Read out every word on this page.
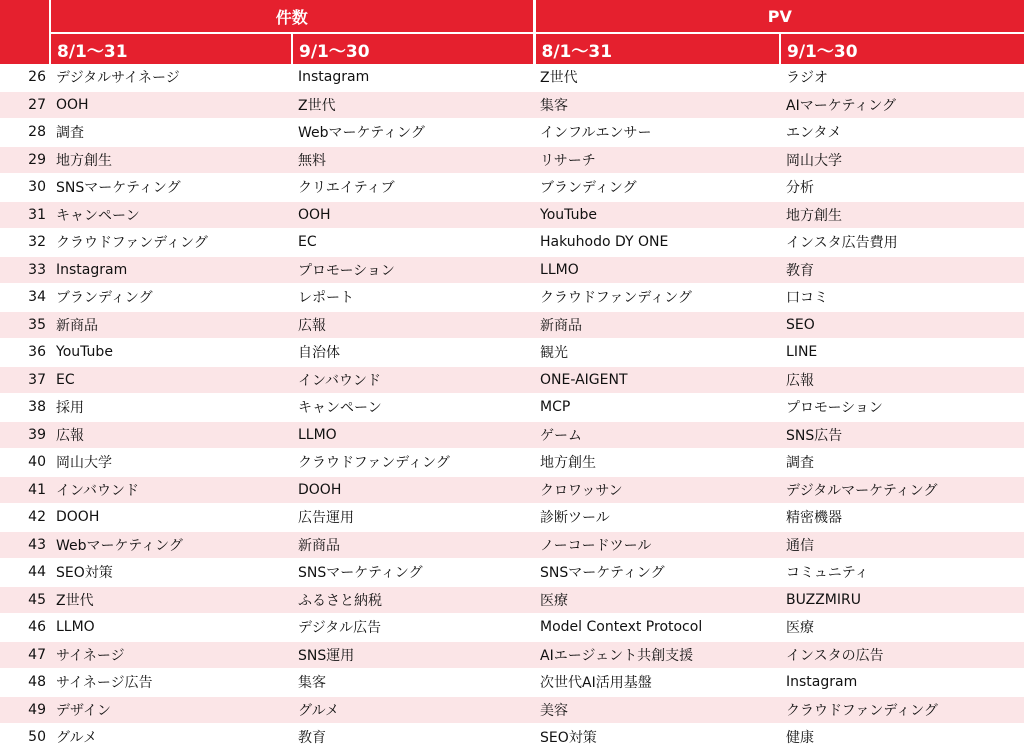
	件数		PV	
	8/1～31	9/1～30	8/1～31	9/1～30
26	デジタルサイネージ	Instagram	Z世代	ラジオ
27	OOH	Z世代	集客	AIマーケティング
28	調査	Webマーケティング	インフルエンサー	エンタメ
29	地方創生	無料	リサーチ	岡山大学
30	SNSマーケティング	クリエイティブ	ブランディング	分析
31	キャンペーン	OOH	YouTube	地方創生
32	クラウドファンディング	EC	Hakuhodo DY ONE	インスタ広告費用
33	Instagram	プロモーション	LLMO	教育
34	ブランディング	レポート	クラウドファンディング	口コミ
35	新商品	広報	新商品	SEO
36	YouTube	自治体	観光	LINE
37	EC	インバウンド	ONE-AIGENT	広報
38	採用	キャンペーン	MCP	プロモーション
39	広報	LLMO	ゲーム	SNS広告
40	岡山大学	クラウドファンディング	地方創生	調査
41	インバウンド	DOOH	クロワッサン	デジタルマーケティング
42	DOOH	広告運用	診断ツール	精密機器
43	Webマーケティング	新商品	ノーコードツール	通信
44	SEO対策	SNSマーケティング	SNSマーケティング	コミュニティ
45	Z世代	ふるさと納税	医療	BUZZMIRU
46	LLMO	デジタル広告	Model Context Protocol	医療
47	サイネージ	SNS運用	AIエージェント共創支援	インスタの広告
48	サイネージ広告	集客	次世代AI活用基盤	Instagram
49	デザイン	グルメ	美容	クラウドファンディング
50	グルメ	教育	SEO対策	健康
